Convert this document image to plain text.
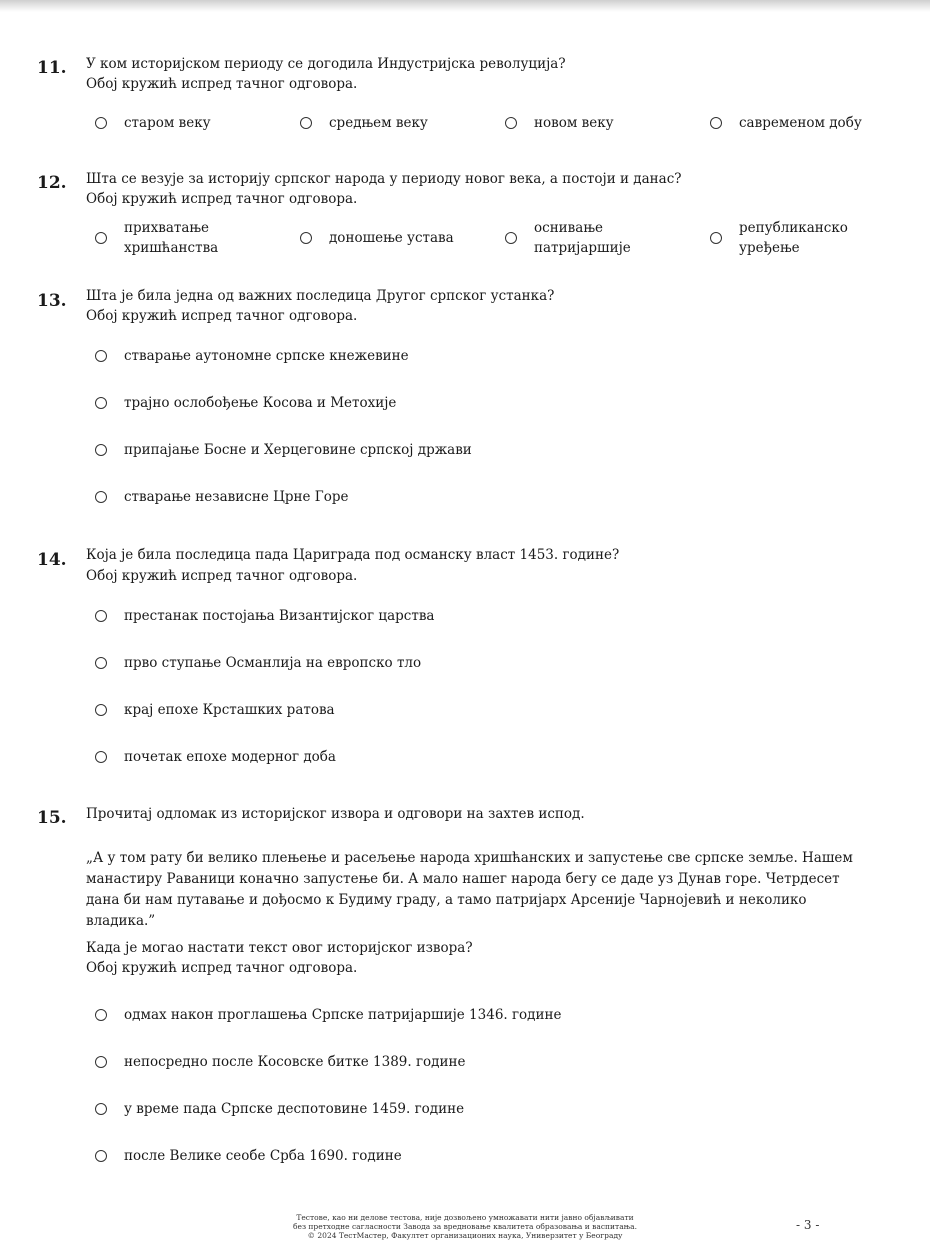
11. У ком историјском периоду се догодила Индустријска револуција?
Обој кружић испред тачног одговора.
старом веку	средњем веку	новом веку	савременом добу
12. Шта се везује за историју српског народа у периоду новог века, а постоји и данас?
Обој кружић испред тачног одговора.
прихватање хришћанства
доношење устава
оснивање патријаршије
републиканско уређење
13. Шта је била једна од важних последица Другог српског устанка?
Обој кружић испред тачног одговора.
стварање аутономне српске кнежевине
трајно ослобођење Косова и Метохије
припајање Босне и Херцеговине српској држави
стварање независне Црне Горе
14. Која је била последица пада Цариграда под османску власт 1453. године?
Обој кружић испред тачног одговора.
престанак постојања Византијског царства
прво ступање Османлија на европско тло
крај епохе Крсташких ратова
почетак епохе модерног доба
15. Прочитај одломак из историјског извора и одговори на захтев испод.
„А у том рату би велико плењење и расељење народа хришћанских и запустење све српске земље. Нашем манастиру Раваници коначно запустење би. А мало нашег народа бегу се даде уз Дунав горе. Четрдесет дана би нам путавање и дођосмо к Будиму граду, а тамо патријарх Арсеније Чарнојевић и неколико владика.”
Када је могао настати текст овог историјског извора?
Обој кружић испред тачног одговора.
одмах након проглашења Српске патријаршије 1346. године
непосредно после Косовске битке 1389. године
у време пада Српске деспотовине 1459. године
после Велике сеобе Срба 1690. године
Тестове, као ни делове тестова, није дозвољено умножавати нити јавно објављивати
без претходне сагласности Завода за вредновање квалитета образовања и васпитања.
© 2024 ТестМастер, Факултет организационих наука, Универзитет у Београду
- 3 -
